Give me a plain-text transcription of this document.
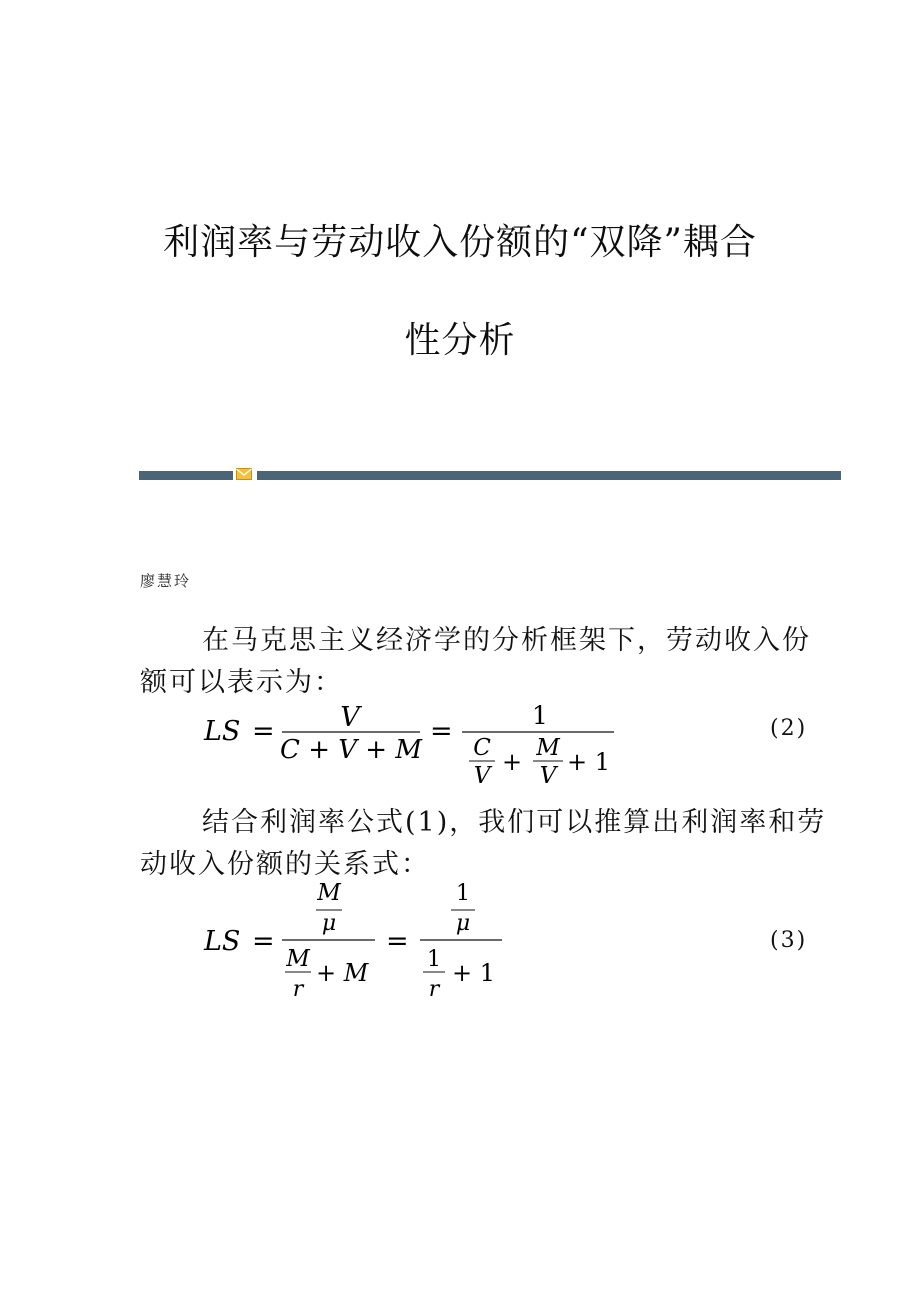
利润率与劳动收入份额的“双降”耦合
性分析
廖慧玲
在马克思主义经济学的分析框架下，劳动收入份额可以表示为：
LS = V
C + V + M
=
1
C
V + M
V + 1
(2)
结合利润率公式(1)，我们可以推算出利润率和劳动收入份额的关系式：
LS =
M
μ
M
r
+ M
=
1
μ
1
r
+ 1
(3)
